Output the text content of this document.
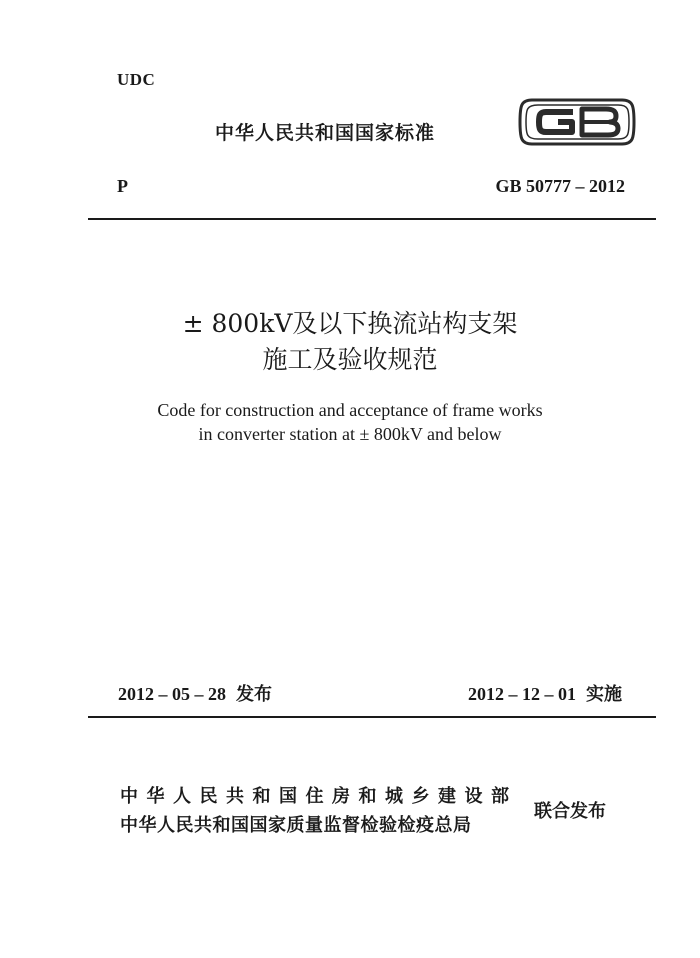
UDC
中华人民共和国国家标准
P	GB 50777 – 2012
± 800kV及以下换流站构支架
施工及验收规范
Code for construction and acceptance of frame works
in converter station at ± 800kV and below
2012 – 05 – 28 发布	2012 – 12 – 01 实施
中华人民共和国住房和城乡建设部
中华人民共和国国家质量监督检验检疫总局
联合发布
